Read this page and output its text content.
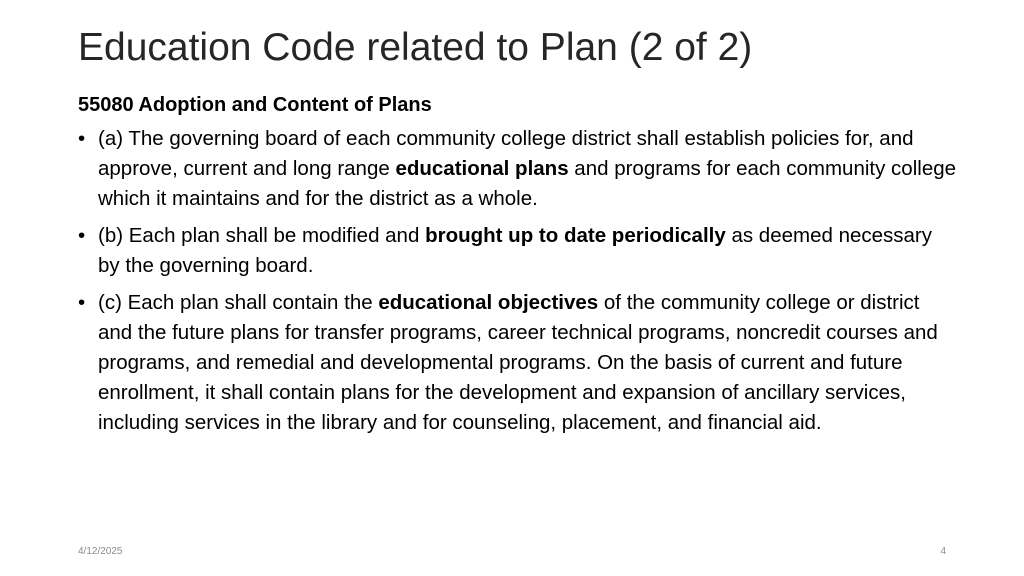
Education Code related to Plan (2 of 2)
55080 Adoption and Content of Plans
• (a) The governing board of each community college district shall establish policies for, and approve, current and long range educational plans and programs for each community college which it maintains and for the district as a whole.
• (b) Each plan shall be modified and brought up to date periodically as deemed necessary by the governing board.
• (c) Each plan shall contain the educational objectives of the community college or district and the future plans for transfer programs, career technical programs, noncredit courses and programs, and remedial and developmental programs. On the basis of current and future enrollment, it shall contain plans for the development and expansion of ancillary services, including services in the library and for counseling, placement, and financial aid.
4/12/2025	4
